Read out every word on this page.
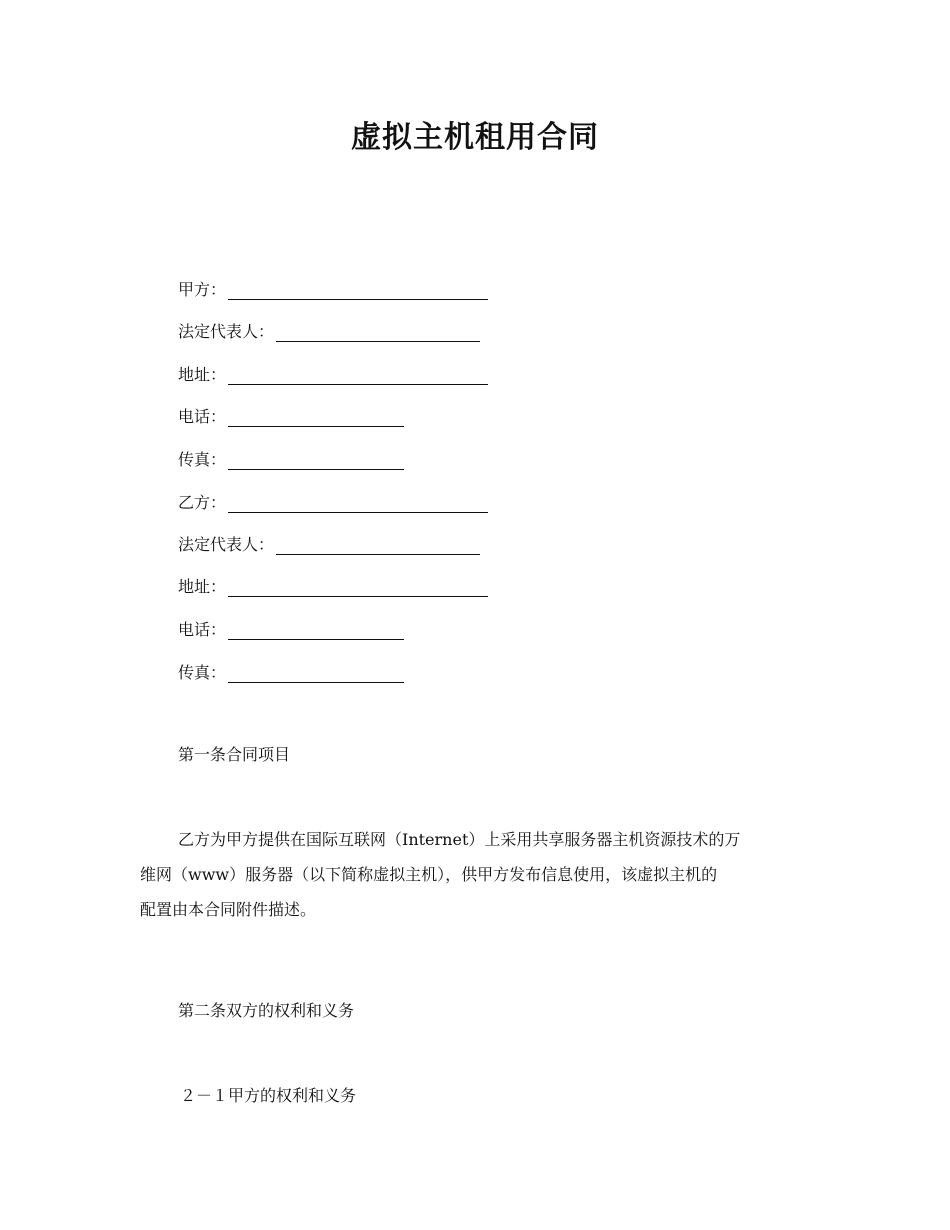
虚拟主机租用合同
甲方：
法定代表人：
地址：
电话：
传真：
乙方：
法定代表人：
地址：
电话：
传真：
第一条合同项目
乙方为甲方提供在国际互联网（Internet）上采用共享服务器主机资源技术的万
维网（www）服务器（以下简称虚拟主机），供甲方发布信息使用，该虚拟主机的
配置由本合同附件描述。
第二条双方的权利和义务
２－１甲方的权利和义务
